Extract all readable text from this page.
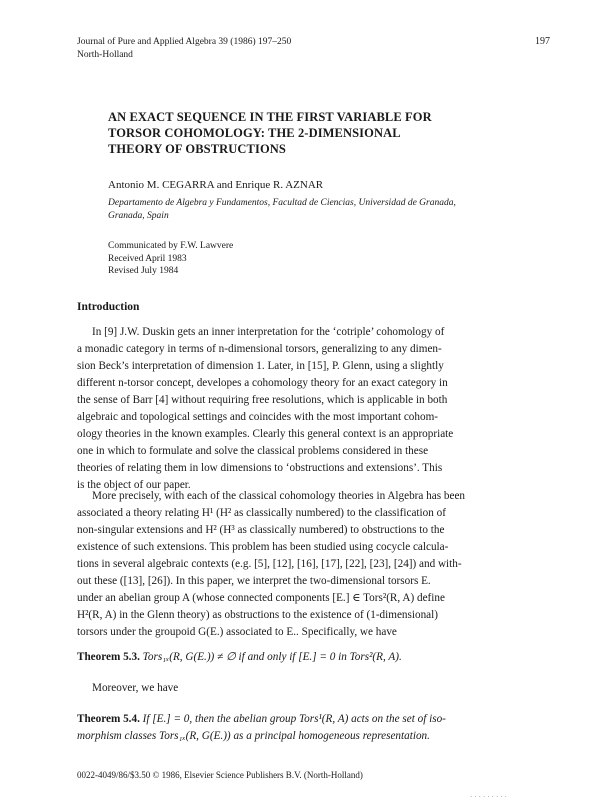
Journal of Pure and Applied Algebra 39 (1986) 197–250
North-Holland
197
AN EXACT SEQUENCE IN THE FIRST VARIABLE FOR
TORSOR COHOMOLOGY: THE 2-DIMENSIONAL
THEORY OF OBSTRUCTIONS
Antonio M. CEGARRA and Enrique R. AZNAR
Departamento de Algebra y Fundamentos, Facultad de Ciencias, Universidad de Granada,
Granada, Spain
Communicated by F.W. Lawvere
Received April 1983
Revised July 1984
Introduction
In [9] J.W. Duskin gets an inner interpretation for the ‘cotriple’ cohomology of
a monadic category in terms of n-dimensional torsors, generalizing to any dimen-
sion Beck’s interpretation of dimension 1. Later, in [15], P. Glenn, using a slightly
different n-torsor concept, developes a cohomology theory for an exact category in
the sense of Barr [4] without requiring free resolutions, which is applicable in both
algebraic and topological settings and coincides with the most important cohom-
ology theories in the known examples. Clearly this general context is an appropriate
one in which to formulate and solve the classical problems considered in these
theories of relating them in low dimensions to ‘obstructions and extensions’. This
is the object of our paper.
More precisely, with each of the classical cohomology theories in Algebra has been
associated a theory relating H¹ (H² as classically numbered) to the classification of
non-singular extensions and H² (H³ as classically numbered) to obstructions to the
existence of such extensions. This problem has been studied using cocycle calcula-
tions in several algebraic contexts (e.g. [5], [12], [16], [17], [22], [23], [24]) and with-
out these ([13], [26]). In this paper, we interpret the two-dimensional torsors E.
under an abelian group A (whose connected components [E.] ∈ Tors²(R, A) define
H²(R, A) in the Glenn theory) as obstructions to the existence of (1-dimensional)
torsors under the groupoid G(E.) associated to E.. Specifically, we have
Theorem 5.3. Tors₁ₓ(R, G(E.)) ≠ ∅ if and only if [E.] = 0 in Tors²(R, A).
Moreover, we have
Theorem 5.4. If [E.] = 0, then the abelian group Tors¹(R, A) acts on the set of iso-
morphism classes Tors₁ₓ(R, G(E.)) as a principal homogeneous representation.
0022-4049/86/$3.50 © 1986, Elsevier Science Publishers B.V. (North-Holland)
·········
